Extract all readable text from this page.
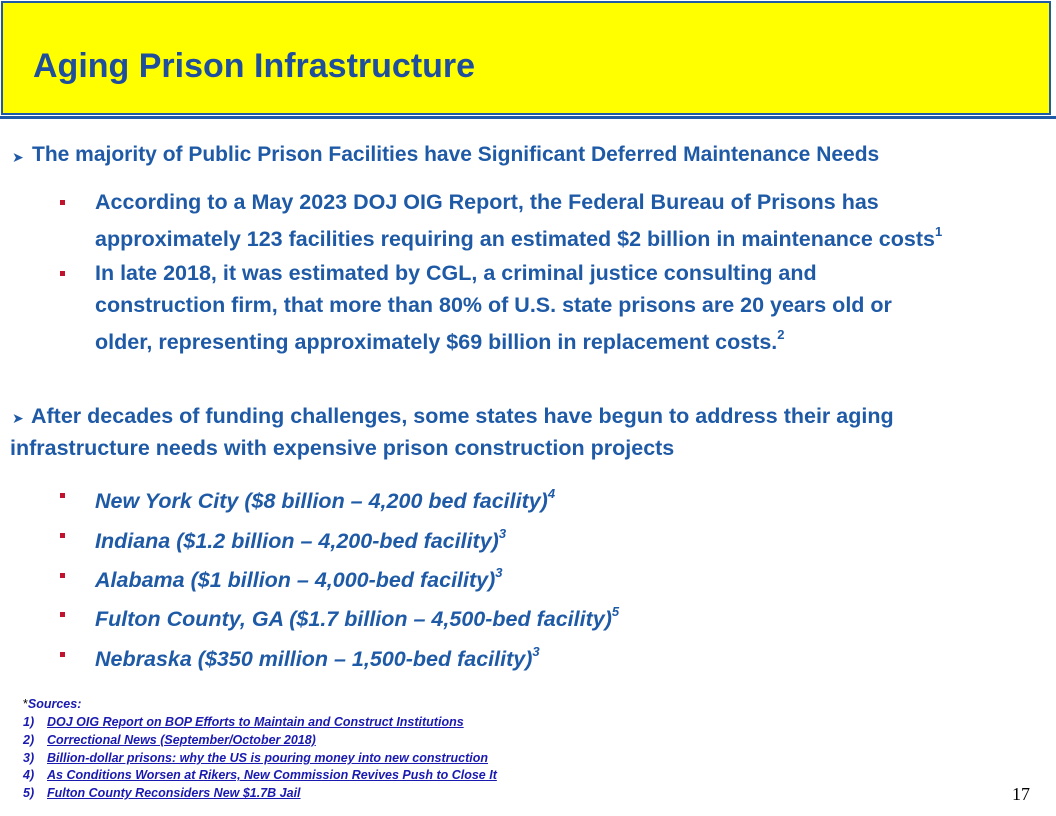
Aging Prison Infrastructure
➤ The majority of Public Prison Facilities have Significant Deferred Maintenance Needs
According to a May 2023 DOJ OIG Report, the Federal Bureau of Prisons has
approximately 123 facilities requiring an estimated $2 billion in maintenance costs$^1$
In late 2018, it was estimated by CGL, a criminal justice consulting and
construction firm, that more than 80% of U.S. state prisons are 20 years old or
older, representing approximately $69 billion in replacement costs.$^2$
➤ After decades of funding challenges, some states have begun to address their aging
infrastructure needs with expensive prison construction projects
New York City ($8 billion – 4,200 bed facility)$^4$
Indiana ($1.2 billion – 4,200-bed facility)$^3$
Alabama ($1 billion – 4,000-bed facility)$^3$
Fulton County, GA ($1.7 billion – 4,500-bed facility)$^5$
Nebraska ($350 million – 1,500-bed facility)$^3$
*Sources:
1) DOJ OIG Report on BOP Efforts to Maintain and Construct Institutions
2) Correctional News (September/October 2018)
3) Billion-dollar prisons: why the US is pouring money into new construction
4) As Conditions Worsen at Rikers, New Commission Revives Push to Close It
5) Fulton County Reconsiders New $1.7B Jail	17
